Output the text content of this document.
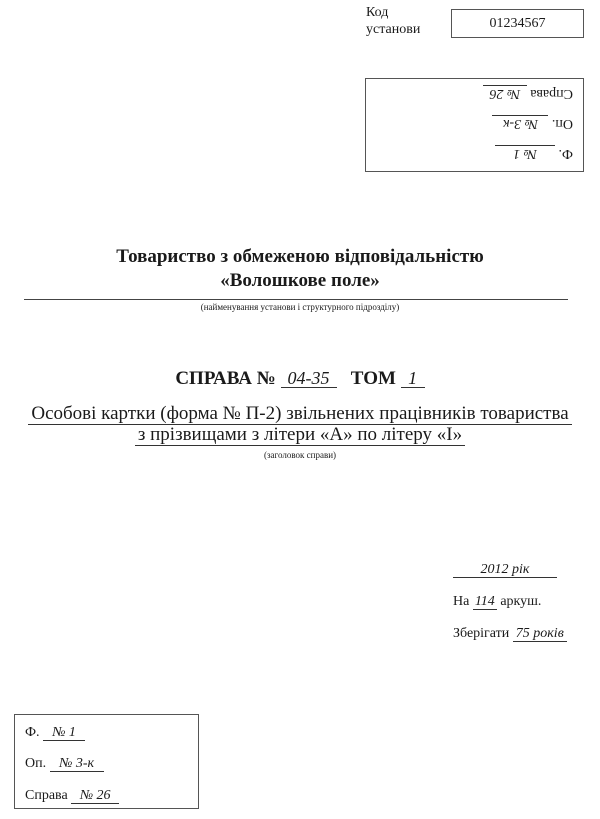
Код
установи	01234567
Ф. № 1
Оп. № 3-к
Справа № 26
Товариство з обмеженою відповідальністю
«Волошкове поле»
(найменування установи і структурного підрозділу)
СПРАВА № 04-35 ТОМ 1
Особові картки (форма № П-2) звільнених працівників товариства
з прізвищами з літери «А» по літеру «І»
(заголовок справи)
2012 рік
На 114 аркуш.
Зберігати 75 років
Ф. № 1
Оп. № 3-к
Справа № 26
